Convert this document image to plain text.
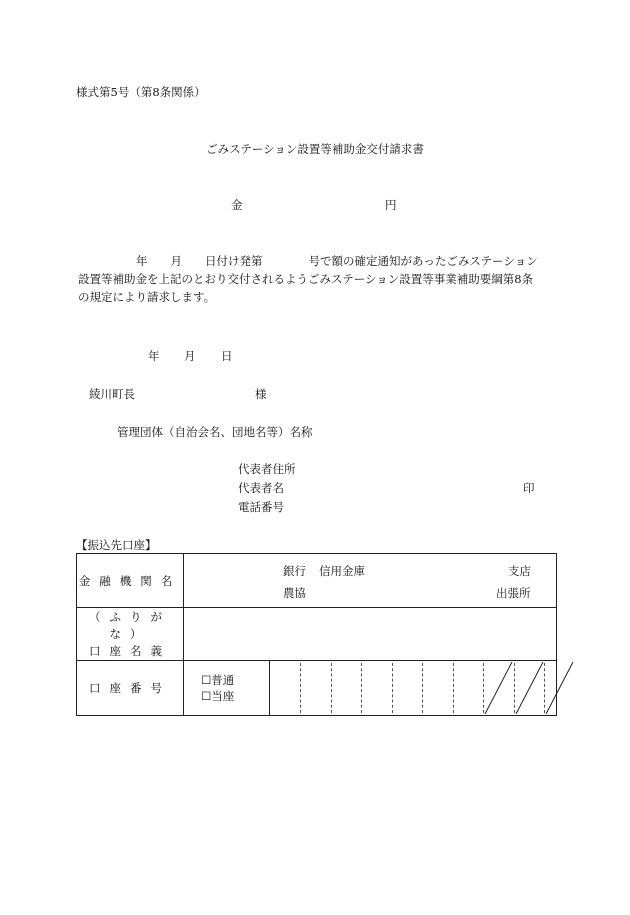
様式第5号（第8条関係）
ごみステーション設置等補助金交付請求書
金	円
年　　月　　日付け発第　　　　号で額の確定通知があったごみステーション
設置等補助金を上記のとおり交付されるようごみステーション設置等事業補助要綱第8条
の規定により請求します。
年 月 日
綾川町長	様
管理団体（自治会名、団地名等）名称
代表者住所
代表者名	印
電話番号
【振込先口座】
金融機関名	銀行 信用金庫 支店
農協 出張所	

（ふりがな）
口座名義		

口座番号	☐普通
☐当座
